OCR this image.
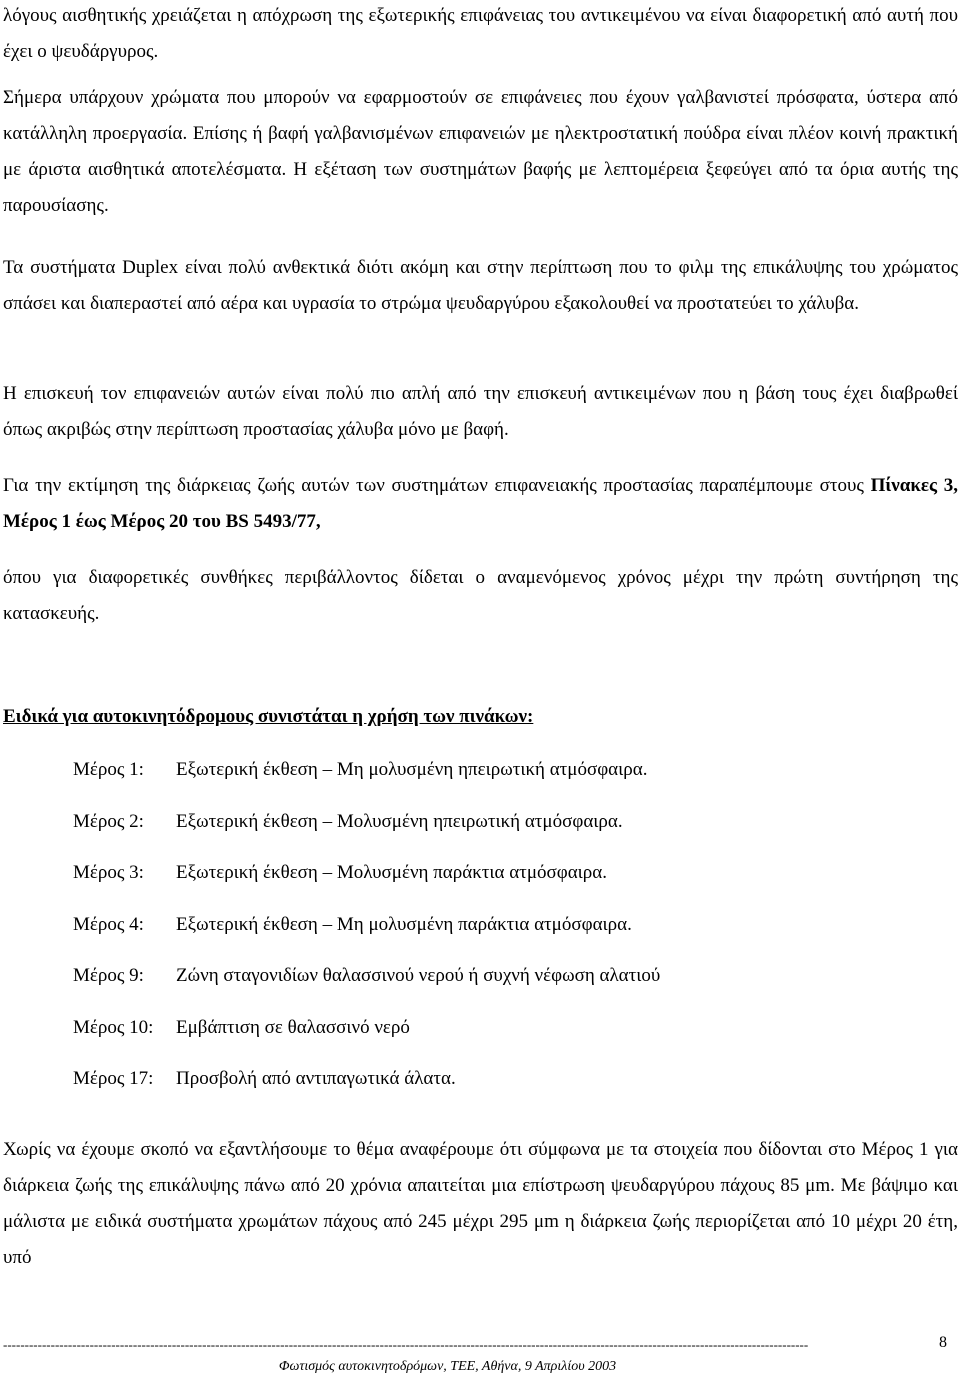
λόγους αισθητικής χρειάζεται η απόχρωση της εξωτερικής επιφάνειας του αντικειμένου να είναι διαφορετική από αυτή που έχει ο ψευδάργυρος.

Σήμερα υπάρχουν χρώματα που μπορούν να εφαρμοστούν σε επιφάνειες που έχουν γαλβανιστεί πρόσφατα, ύστερα από κατάλληλη προεργασία. Επίσης ή βαφή γαλβανισμένων επιφανειών με ηλεκτροστατική πούδρα είναι πλέον κοινή πρακτική με άριστα αισθητικά αποτελέσματα. Η εξέταση των συστημάτων βαφής με λεπτομέρεια ξεφεύγει από τα όρια αυτής της παρουσίασης.

Τα συστήματα Duplex είναι πολύ ανθεκτικά διότι ακόμη και στην περίπτωση που το φιλμ της επικάλυψης του χρώματος σπάσει και διαπεραστεί από αέρα και υγρασία το στρώμα ψευδαργύρου εξακολουθεί να προστατεύει το χάλυβα.

Η επισκευή τον επιφανειών αυτών είναι πολύ πιο απλή από την επισκευή αντικειμένων που η βάση τους έχει διαβρωθεί όπως ακριβώς στην περίπτωση προστασίας χάλυβα μόνο με βαφή.

Για την εκτίμηση της διάρκειας ζωής αυτών των συστημάτων επιφανειακής προστασίας παραπέμπουμε στους Πίνακες 3, Μέρος 1 έως Μέρος 20 του BS 5493/77,

όπου για διαφορετικές συνθήκες περιβάλλοντος δίδεται ο αναμενόμενος χρόνος μέχρι την πρώτη συντήρηση της κατασκευής.

Ειδικά για αυτοκινητόδρομους συνιστάται η χρήση των πινάκων:

Μέρος 1: Εξωτερική έκθεση – Μη μολυσμένη ηπειρωτική ατμόσφαιρα.
Μέρος 2: Εξωτερική έκθεση – Μολυσμένη ηπειρωτική ατμόσφαιρα.
Μέρος 3: Εξωτερική έκθεση – Μολυσμένη παράκτια ατμόσφαιρα.
Μέρος 4: Εξωτερική έκθεση – Μη μολυσμένη παράκτια ατμόσφαιρα.
Μέρος 9: Ζώνη σταγονιδίων θαλασσινού νερού ή συχνή νέφωση αλατιού
Μέρος 10: Εμβάπτιση σε θαλασσινό νερό
Μέρος 17: Προσβολή από αντιπαγωτικά άλατα.

Χωρίς να έχουμε σκοπό να εξαντλήσουμε το θέμα αναφέρουμε ότι σύμφωνα με τα στοιχεία που δίδονται στο Μέρος 1 για διάρκεια ζωής της επικάλυψης πάνω από 20 χρόνια απαιτείται μια επίστρωση ψευδαργύρου πάχους 85 μm. Με βάψιμο και μάλιστα με ειδικά συστήματα χρωμάτων πάχους από 245 μέχρι 295 μm η διάρκεια ζωής περιορίζεται από 10 μέχρι 20 έτη, υπό

------------------------------------------------------------------------------------------------------------------------------------------------------------------------------------------	8
Φωτισμός αυτοκινητοδρόμων, ΤΕΕ, Αθήνα, 9 Απριλίου 2003
